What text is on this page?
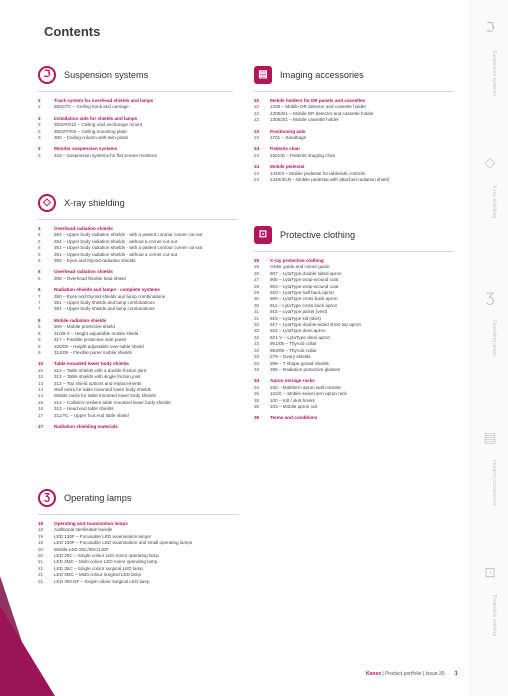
Contents	ℑ
Suspension systems
◇
X-ray shielding
Ʒ
Operating lamps
▤
Imaging accessories
⊡
Protective clothing
ℑ	Suspension systems
2	Track system for overhead shields and lamps
2	3001/TC – Ceiling track and carriage
3	Installation aids for shields and lamps
3	3001P/012 – Ceiling void anchorage mount
3	3001P/004 – Ceiling mounting plate
3	300 – Ceiling column with twin posts
3	Monitor suspension systems
3	333 – Suspension systems for flat screen monitors
◇	X-ray shielding
4	Overhead radiation shields
5	354 – Upper body radiation shields - with a patient contour corner cut-out
5	354 – Upper body radiation shields - without a corner cut-out
5	351 – Upper body radiation shields - with a patient contour corner cut-out
5	351 – Upper body radiation shields - without a corner cut-out
5	350 – Eyes and thyroid radiation shields
6	Overhead radiation shields
6	308 – Overhead flexible lead shield
6	Radiation shields and lamps - complete systems
7	350 – Eyes and thyroid shields and lamp combinations
7	351 – Upper body shields and lamp combinations
7	354 – Upper body shields and lamp combinations
8	Mobile radiation shields
8	309 – Mobile protective shield
8	310/8-3 – Height adjustable mobile shield
9	317 – Flexible protective side panel
9	326/05 – Height adjustable over-table shield
9	314/05 – Flexible panel mobile shields
10	Table mounted lower body shields
10	312 – Table shields with a double friction joint
12	312 – Table shields with single friction joint
14	312 – Top shield options and replacements
14	Wall racks for table mounted lower body shields
14	Mobile racks for table mounted lower body shields
15	312 – Collision resilient table mounted lower body shields
16	313 – Head end table shields
17	311/TC – Upper foot end table shield
17	Radiation shielding materials
Ʒ	Operating lamps
18	Operating and examination lamps
18	Additional sterilisable handle
19	LED 130F – Focusable LED examination lamps
19	LED 150F – Focusable LED examination and small operating lamps
20	Mobile LED 25C/35C/130F
20	LED 25C – Single colour LED minor operating lamp
21	LED 2MC – Multi colour LED minor operating lamp
21	LED 35C – Single colour surgical LED lamp
21	LED 3MC – Multi colour surgical LED lamp
21	LED 300 DF – Single colour surgical LED lamp
▤	Imaging accessories
22	Mobile holders for DR panels and cassettes
22	1330 – Mobile DR detector and cassette holder
22	1305/8/1 – Mobile DR detector and cassette holder
22	1305/3/1 – Mobile cassette holder
23	Positioning aids
23	1701 – Sandbags
24	Patients chair
24	1501/D – Patients imaging chair
24	Mobile pedestal
24	1340/3 – Mobile pedestal for tableside controls
24	1340/3/LR – Mobile pedestal with attached radiation shield
⊡	Protective clothing
25	X-ray protective clothing
25	Order guide and colour guide
26	907 – LytaType double sided apron
27	905 – LytaType wrap-around coat
28	903 – LytaType wrap-around coat
29	910 – LytaType half back apron
30	909 – LytaType cross back apron
30	911 – LytaType cross back apron
31	915 – LytaType jacket (vest)
31	919 – LytaType kilt (skirt)
32	917 – LytaType double-sided short top apron
32	921 – LytaType demi apron
32	921-V – LytaType demi apron
33	951/05 – Thyroid collar
33	953/05 – Thyroid collar
33	278 – Ovary shields
33	299 – T shape gonad shields
34	265 – Radiation protective glasses
34	Apron storage racks
34	100 – Multiform apron wall console
35	102/C – Mobile swivel arm apron rack
35	100 – Kilt / skirt hooks
35	103 – Mobile apron rail
36	Terms and conditions
Kenex | Product portfolio | Issue 30 1
